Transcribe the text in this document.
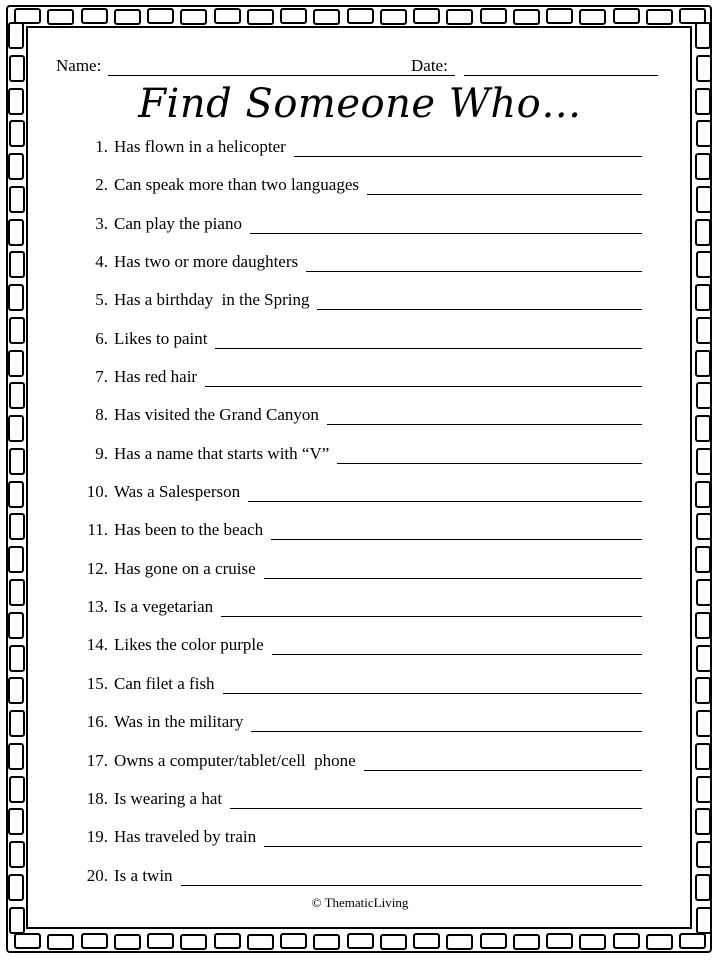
Name:	Date:
Find Someone Who…
1. Has flown in a helicopter
2. Can speak more than two languages
3. Can play the piano
4. Has two or more daughters
5. Has a birthday  in the Spring
6. Likes to paint
7. Has red hair
8. Has visited the Grand Canyon
9. Has a name that starts with “V”
10. Was a Salesperson
11. Has been to the beach
12. Has gone on a cruise
13. Is a vegetarian
14. Likes the color purple
15. Can filet a fish
16. Was in the military
17. Owns a computer/tablet/cell  phone
18. Is wearing a hat
19. Has traveled by train
20. Is a twin
© ThematicLiving
